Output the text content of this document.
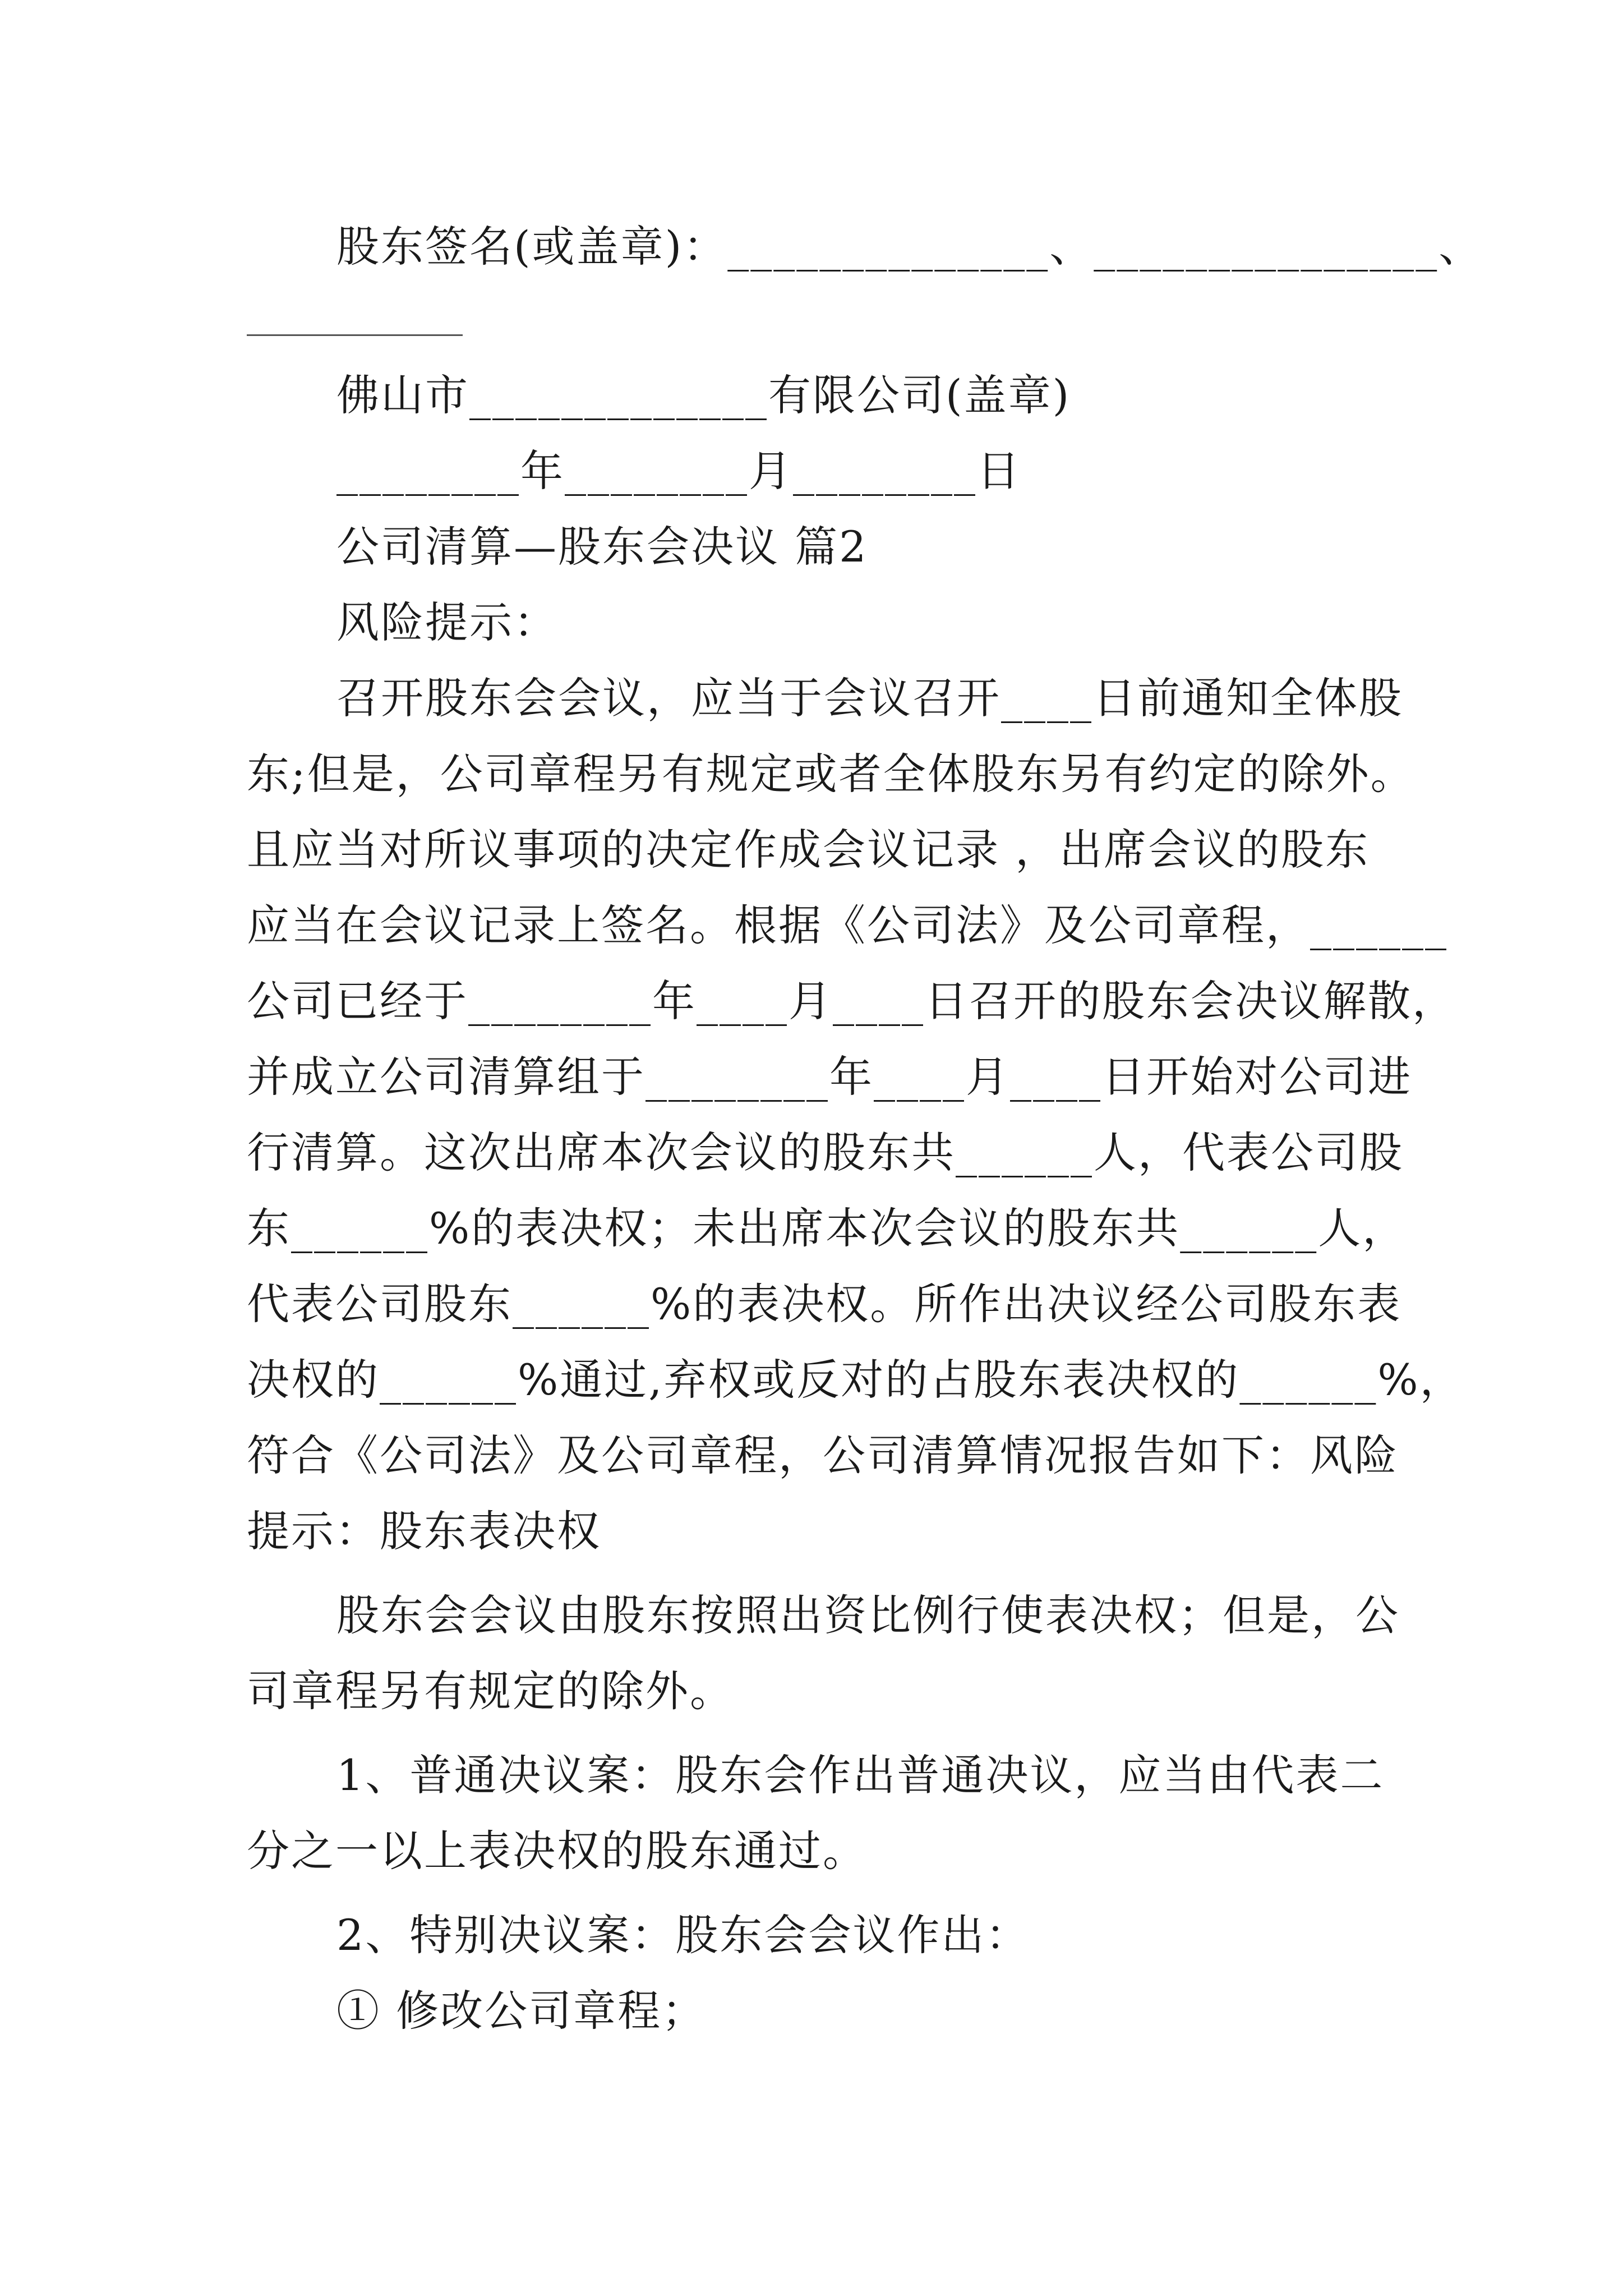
股东签名(或盖章)：______________、_______________、
佛山市_____________有限公司(盖章)
________年________月________日
公司清算—股东会决议 篇2
风险提示：
召开股东会会议，应当于会议召开____日前通知全体股
东;但是，公司章程另有规定或者全体股东另有约定的除外。
且应当对所议事项的决定作成会议记录 ，出席会议的股东
应当在会议记录上签名。根据《公司法》及公司章程，______
公司已经于________年____月____日召开的股东会决议解散，
并成立公司清算组于________年____月____日开始对公司进
行清算。这次出席本次会议的股东共______人，代表公司股
东______%的表决权；未出席本次会议的股东共______人，
代表公司股东______%的表决权。所作出决议经公司股东表
决权的______%通过,弃权或反对的占股东表决权的______%，
符合《公司法》及公司章程，公司清算情况报告如下：风险
提示：股东表决权
股东会会议由股东按照出资比例行使表决权；但是，公
司章程另有规定的除外。
1、普通决议案：股东会作出普通决议，应当由代表二
分之一以上表决权的股东通过。
2、特别决议案：股东会会议作出：
① 修改公司章程；
